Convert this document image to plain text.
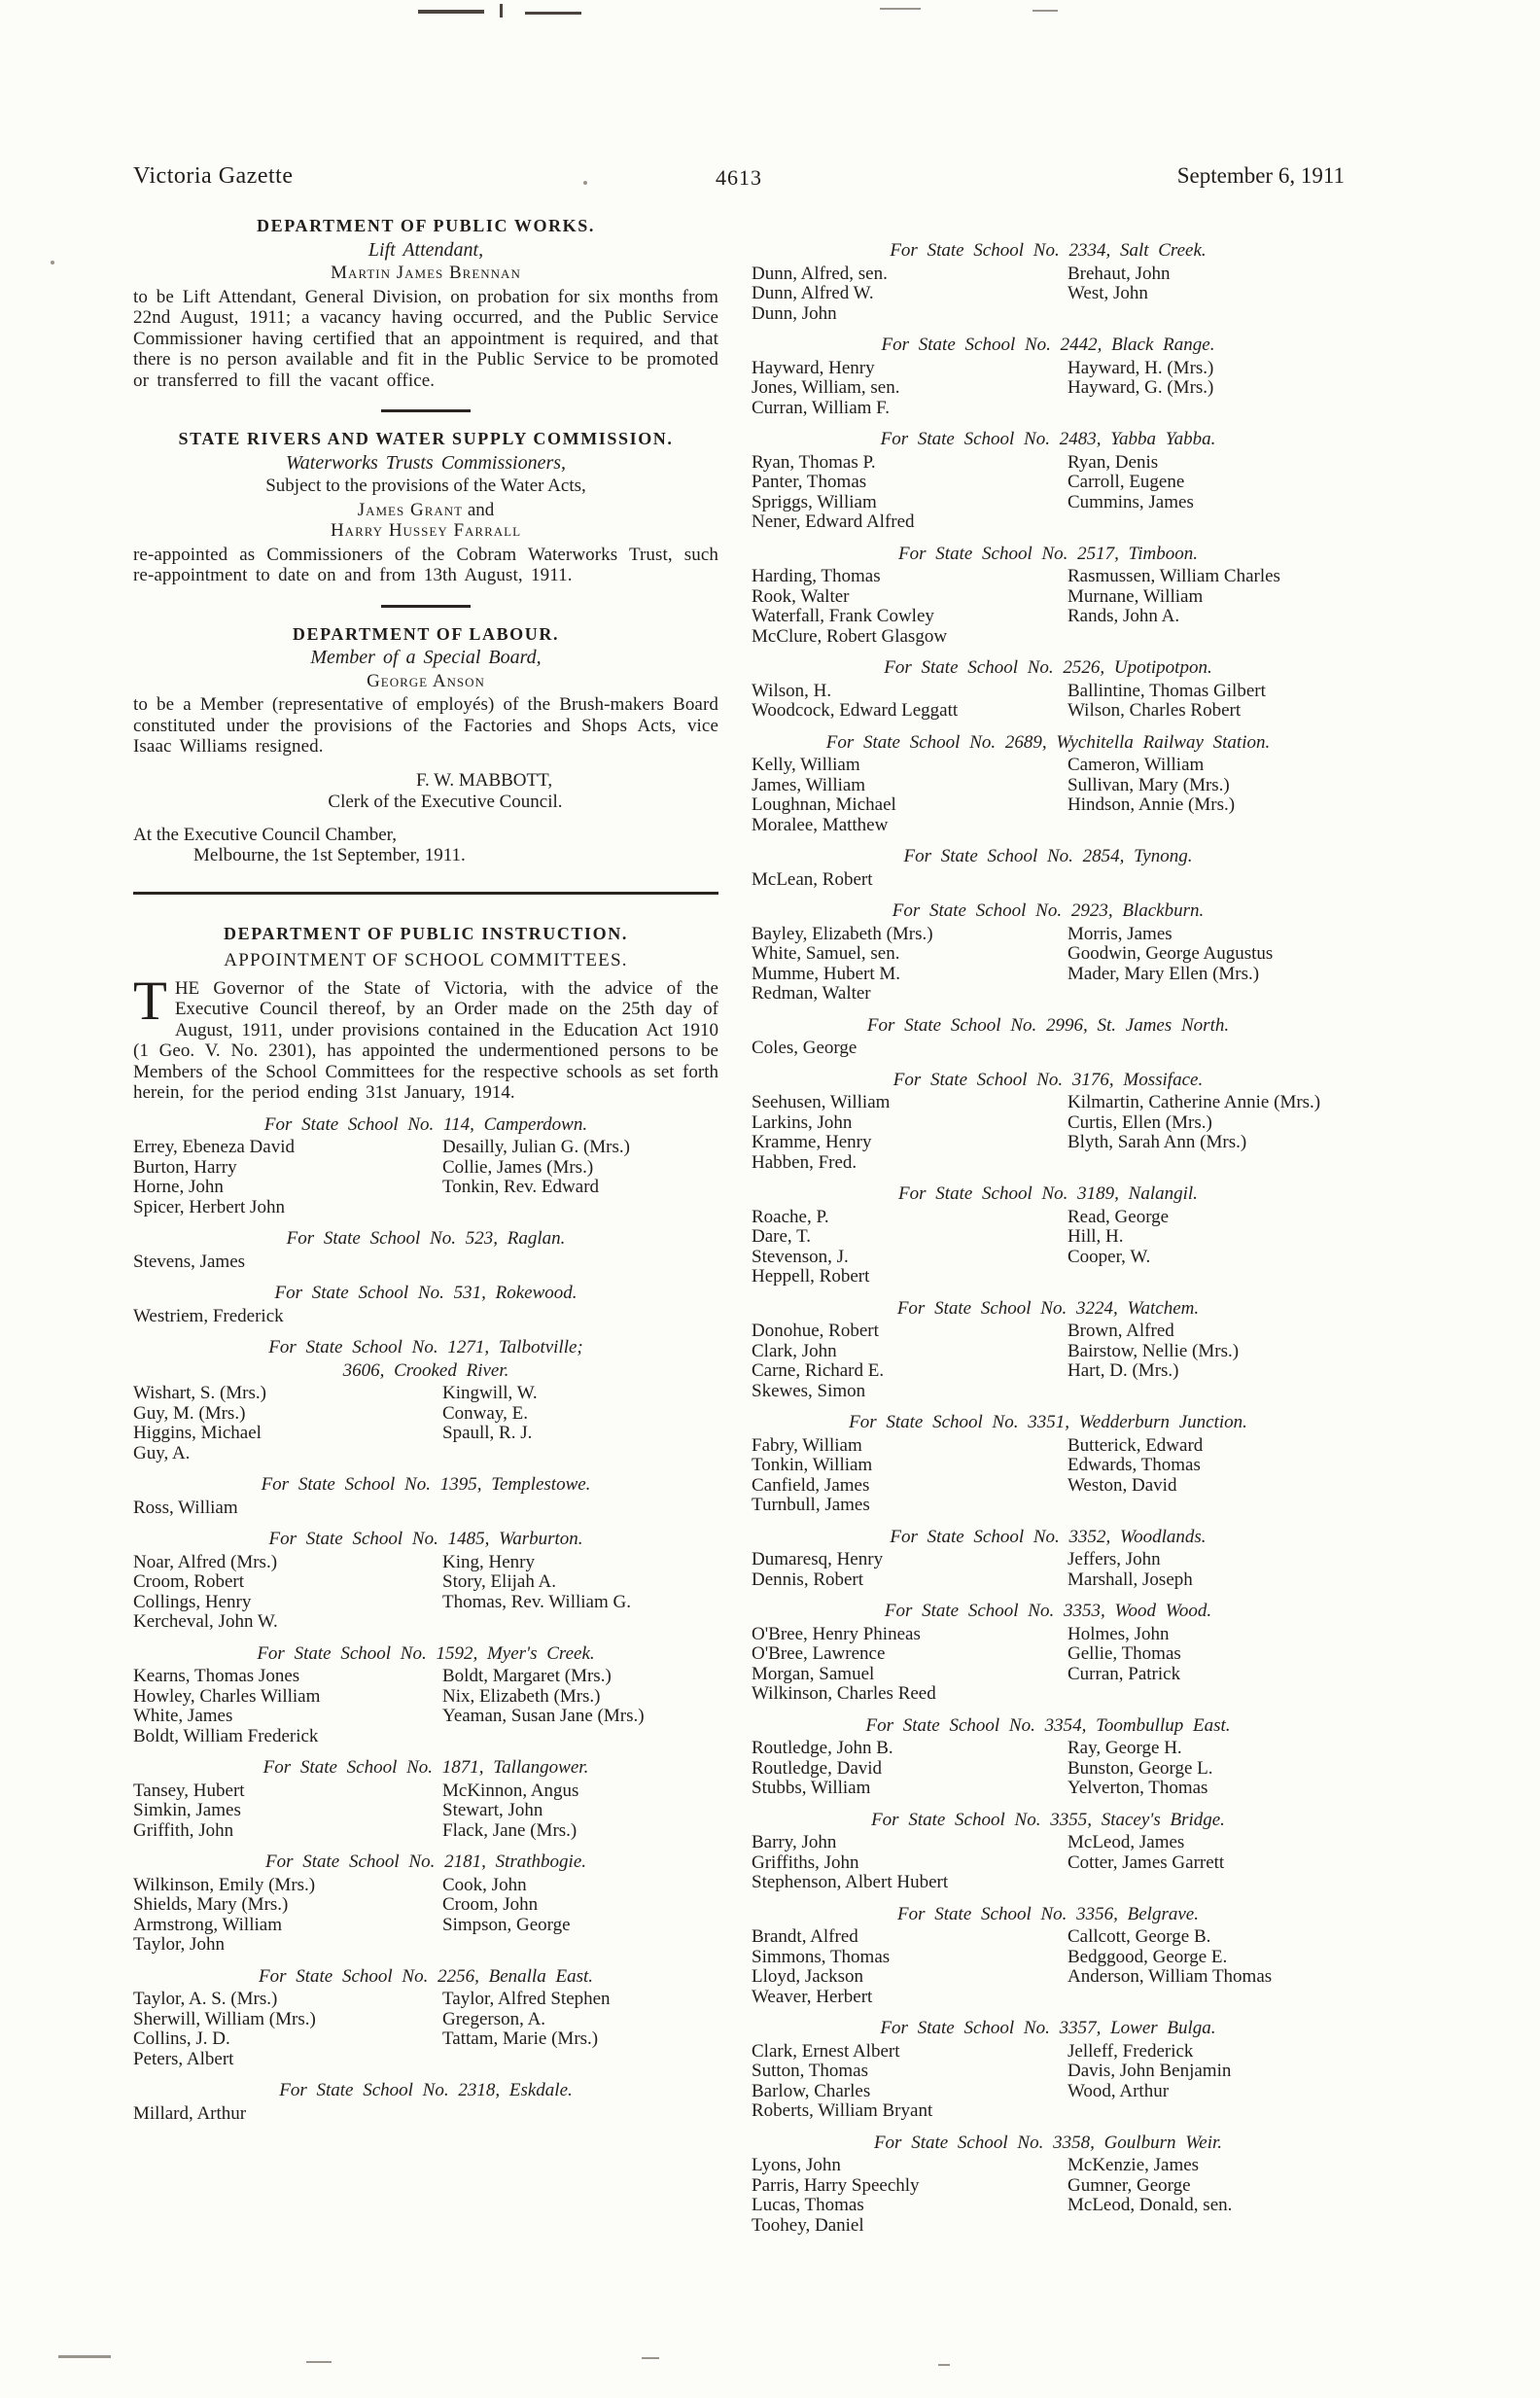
Victoria Gazette	4613	September 6, 1911
DEPARTMENT OF PUBLIC WORKS.
Lift Attendant,
Martin James Brennan

to be Lift Attendant, General Division, on probation for six months from 22nd August, 1911; a vacancy having occurred, and the Public Service Commissioner having certified that an appointment is required, and that there is no person available and fit in the Public Service to be promoted or transferred to fill the vacant office.

STATE RIVERS AND WATER SUPPLY COMMISSION.
Waterworks Trusts Commissioners,
Subject to the provisions of the Water Acts,
James Grant and
Harry Hussey Farrall

re-appointed as Commissioners of the Cobram Waterworks Trust, such re-appointment to date on and from 13th August, 1911.

DEPARTMENT OF LABOUR.
Member of a Special Board,
George Anson

to be a Member (representative of employés) of the Brush-makers Board constituted under the provisions of the Factories and Shops Acts, vice Isaac Williams resigned.

F. W. MABBOTT,
Clerk of the Executive Council.
At the Executive Council Chamber,
Melbourne, the 1st September, 1911.
DEPARTMENT OF PUBLIC INSTRUCTION.
APPOINTMENT OF SCHOOL COMMITTEES.

THE Governor of the State of Victoria, with the advice of the Executive Council thereof, by an Order made on the 25th day of August, 1911, under provisions contained in the Education Act 1910 (1 Geo. V. No. 2301), has appointed the undermentioned persons to be Members of the School Committees for the respective schools as set forth herein, for the period ending 31st January, 1914.

For State School No. 114, Camperdown.
Errey, Ebeneza David
Burton, Harry
Horne, John
Spicer, Herbert John
Desailly, Julian G. (Mrs.)
Collie, James (Mrs.)
Tonkin, Rev. Edward
For State School No. 523, Raglan.
Stevens, James
For State School No. 531, Rokewood.
Westriem, Frederick
For State School No. 1271, Talbotville;
3606, Crooked River.
Wishart, S. (Mrs.)
Guy, M. (Mrs.)
Higgins, Michael
Guy, A.
Kingwill, W.
Conway, E.
Spaull, R. J.
For State School No. 1395, Templestowe.
Ross, William
For State School No. 1485, Warburton.
Noar, Alfred (Mrs.)
Croom, Robert
Collings, Henry
Kercheval, John W.
King, Henry
Story, Elijah A.
Thomas, Rev. William G.
For State School No. 1592, Myer's Creek.
Kearns, Thomas Jones
Howley, Charles William
White, James
Boldt, William Frederick
Boldt, Margaret (Mrs.)
Nix, Elizabeth (Mrs.)
Yeaman, Susan Jane (Mrs.)
For State School No. 1871, Tallangower.
Tansey, Hubert
Simkin, James
Griffith, John
McKinnon, Angus
Stewart, John
Flack, Jane (Mrs.)
For State School No. 2181, Strathbogie.
Wilkinson, Emily (Mrs.)
Shields, Mary (Mrs.)
Armstrong, William
Taylor, John
Cook, John
Croom, John
Simpson, George
For State School No. 2256, Benalla East.
Taylor, A. S. (Mrs.)
Sherwill, William (Mrs.)
Collins, J. D.
Peters, Albert
Taylor, Alfred Stephen
Gregerson, A.
Tattam, Marie (Mrs.)
For State School No. 2318, Eskdale.
Millard, Arthur
For State School No. 2334, Salt Creek.
Dunn, Alfred, sen.
Dunn, Alfred W.
Dunn, John
Brehaut, John
West, John
For State School No. 2442, Black Range.
Hayward, Henry
Jones, William, sen.
Curran, William F.
Hayward, H. (Mrs.)
Hayward, G. (Mrs.)
For State School No. 2483, Yabba Yabba.
Ryan, Thomas P.
Panter, Thomas
Spriggs, William
Nener, Edward Alfred
Ryan, Denis
Carroll, Eugene
Cummins, James
For State School No. 2517, Timboon.
Harding, Thomas
Rook, Walter
Waterfall, Frank Cowley
McClure, Robert Glasgow
Rasmussen, William Charles
Murnane, William
Rands, John A.
For State School No. 2526, Upotipotpon.
Wilson, H.
Woodcock, Edward Leggatt
Ballintine, Thomas Gilbert
Wilson, Charles Robert
For State School No. 2689, Wychitella Railway Station.
Kelly, William
James, William
Loughnan, Michael
Moralee, Matthew
Cameron, William
Sullivan, Mary (Mrs.)
Hindson, Annie (Mrs.)
For State School No. 2854, Tynong.
McLean, Robert
For State School No. 2923, Blackburn.
Bayley, Elizabeth (Mrs.)
White, Samuel, sen.
Mumme, Hubert M.
Redman, Walter
Morris, James
Goodwin, George Augustus
Mader, Mary Ellen (Mrs.)
For State School No. 2996, St. James North.
Coles, George
For State School No. 3176, Mossiface.
Seehusen, William
Larkins, John
Kramme, Henry
Habben, Fred.
Kilmartin, Catherine Annie (Mrs.)
Curtis, Ellen (Mrs.)
Blyth, Sarah Ann (Mrs.)
For State School No. 3189, Nalangil.
Roache, P.
Dare, T.
Stevenson, J.
Heppell, Robert
Read, George
Hill, H.
Cooper, W.
For State School No. 3224, Watchem.
Donohue, Robert
Clark, John
Carne, Richard E.
Skewes, Simon
Brown, Alfred
Bairstow, Nellie (Mrs.)
Hart, D. (Mrs.)
For State School No. 3351, Wedderburn Junction.
Fabry, William
Tonkin, William
Canfield, James
Turnbull, James
Butterick, Edward
Edwards, Thomas
Weston, David
For State School No. 3352, Woodlands.
Dumaresq, Henry
Dennis, Robert
Jeffers, John
Marshall, Joseph
For State School No. 3353, Wood Wood.
O'Bree, Henry Phineas
O'Bree, Lawrence
Morgan, Samuel
Wilkinson, Charles Reed
Holmes, John
Gellie, Thomas
Curran, Patrick
For State School No. 3354, Toombullup East.
Routledge, John B.
Routledge, David
Stubbs, William
Ray, George H.
Bunston, George L.
Yelverton, Thomas
For State School No. 3355, Stacey's Bridge.
Barry, John
Griffiths, John
Stephenson, Albert Hubert
McLeod, James
Cotter, James Garrett
For State School No. 3356, Belgrave.
Brandt, Alfred
Simmons, Thomas
Lloyd, Jackson
Weaver, Herbert
Callcott, George B.
Bedggood, George E.
Anderson, William Thomas
For State School No. 3357, Lower Bulga.
Clark, Ernest Albert
Sutton, Thomas
Barlow, Charles
Roberts, William Bryant
Jelleff, Frederick
Davis, John Benjamin
Wood, Arthur
For State School No. 3358, Goulburn Weir.
Lyons, John
Parris, Harry Speechly
Lucas, Thomas
Toohey, Daniel
McKenzie, James
Gumner, George
McLeod, Donald, sen.
